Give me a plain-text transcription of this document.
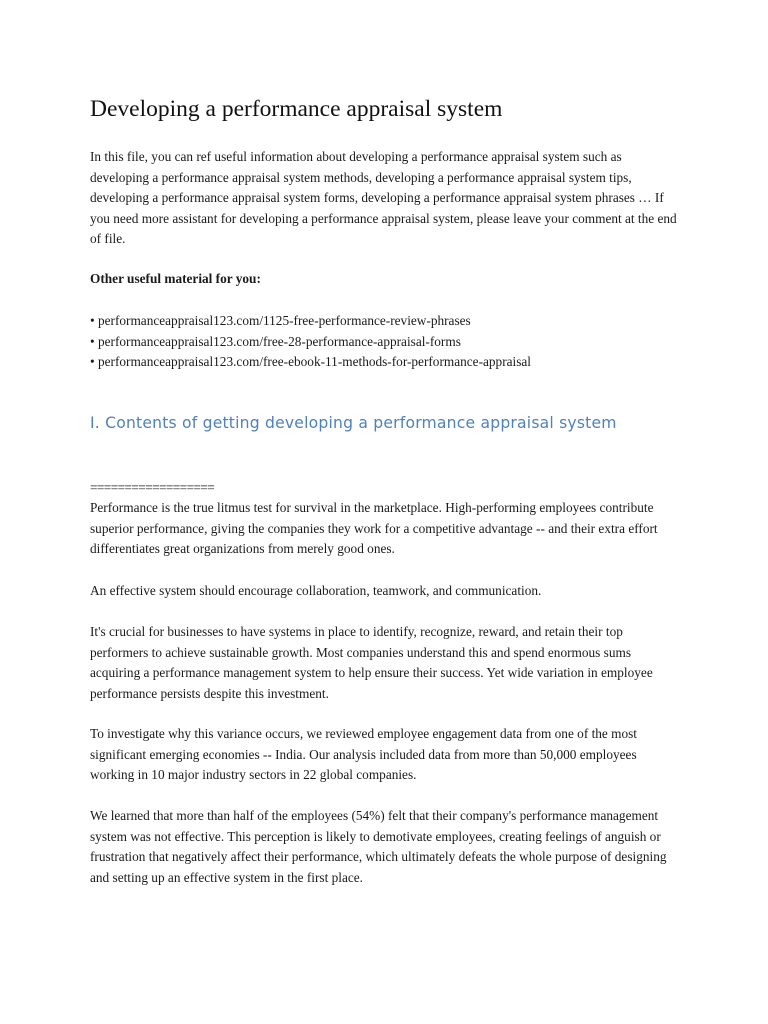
Developing a performance appraisal system

In this file, you can ref useful information about developing a performance appraisal system such as developing a performance appraisal system methods, developing a performance appraisal system tips, developing a performance appraisal system forms, developing a performance appraisal system phrases … If you need more assistant for developing a performance appraisal system, please leave your comment at the end of file.

Other useful material for you:

• performanceappraisal123.com/1125-free-performance-review-phrases
• performanceappraisal123.com/free-28-performance-appraisal-forms
• performanceappraisal123.com/free-ebook-11-methods-for-performance-appraisal
I. Contents of getting developing a performance appraisal system

==================

Performance is the true litmus test for survival in the marketplace. High-performing employees contribute superior performance, giving the companies they work for a competitive advantage -- and their extra effort differentiates great organizations from merely good ones.

An effective system should encourage collaboration, teamwork, and communication.

It's crucial for businesses to have systems in place to identify, recognize, reward, and retain their top performers to achieve sustainable growth. Most companies understand this and spend enormous sums acquiring a performance management system to help ensure their success. Yet wide variation in employee performance persists despite this investment.

To investigate why this variance occurs, we reviewed employee engagement data from one of the most significant emerging economies -- India. Our analysis included data from more than 50,000 employees working in 10 major industry sectors in 22 global companies.

We learned that more than half of the employees (54%) felt that their company's performance management system was not effective. This perception is likely to demotivate employees, creating feelings of anguish or frustration that negatively affect their performance, which ultimately defeats the whole purpose of designing and setting up an effective system in the first place.
